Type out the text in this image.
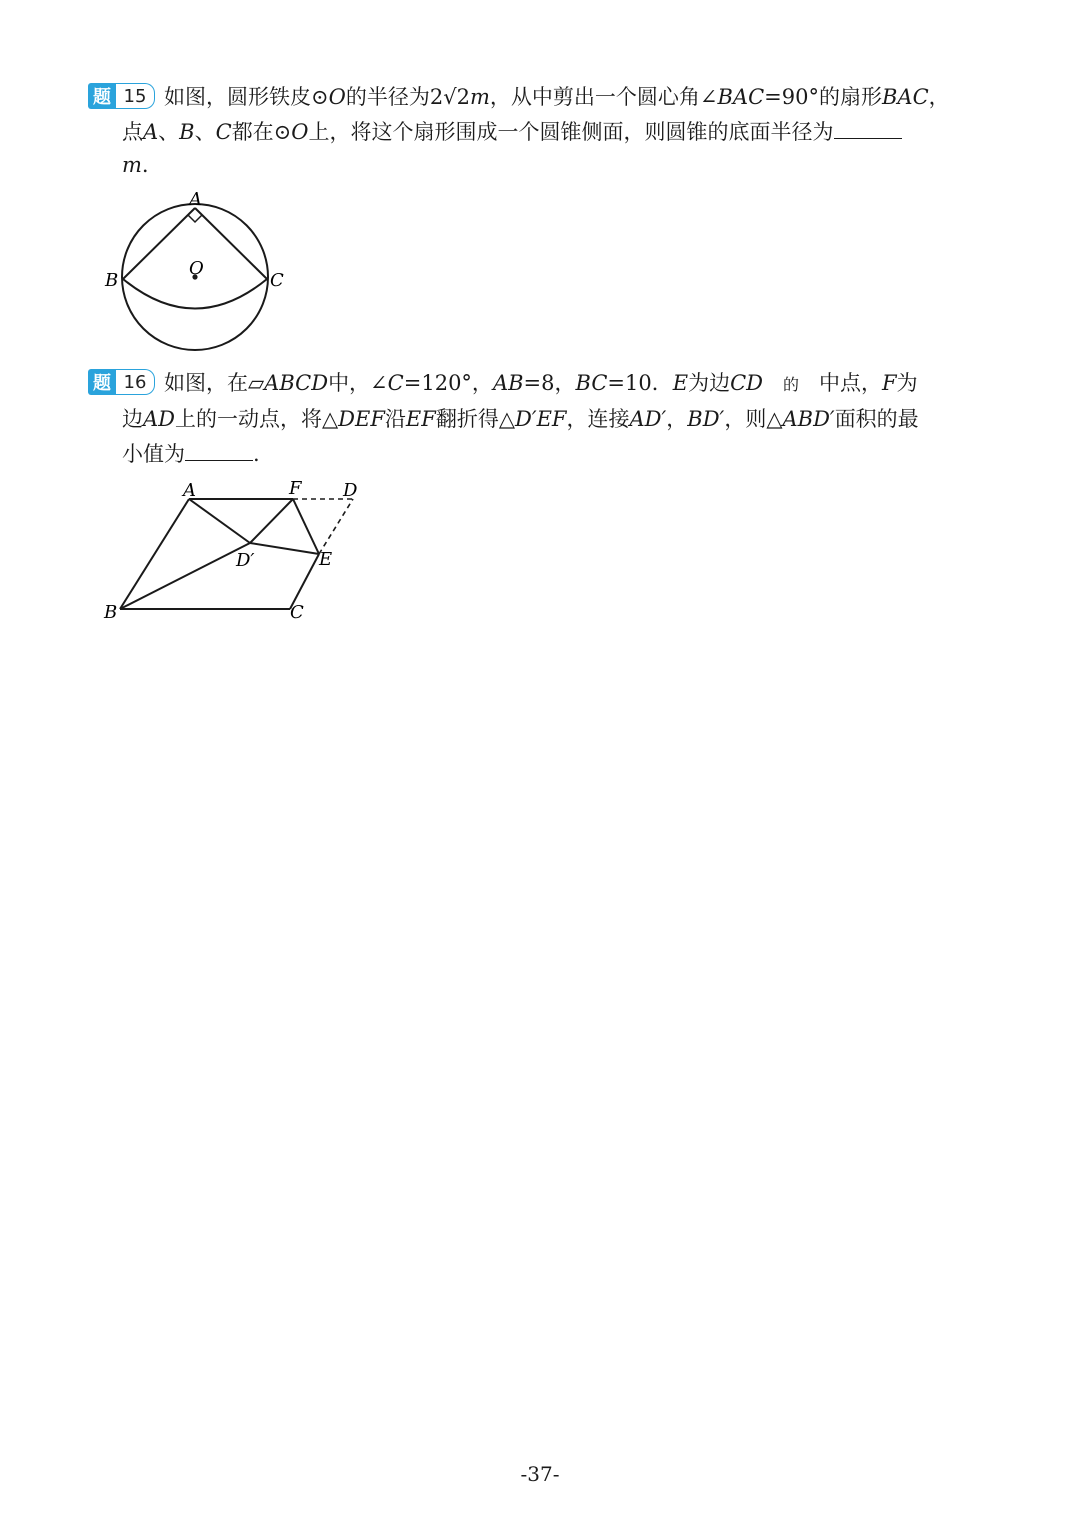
题 15 如图，圆形铁皮⊙O的半径为2√2m，从中剪出一个圆心角∠BAC=90°的扇形BAC，
点A、B、C都在⊙O上，将这个扇形围成一个圆锥侧面，则圆锥的底面半径为
m.
A
B	C
O
题 16 如图，在▱ABCD中，∠C=120°，AB=8，BC=10．E为边CD 的 中点，F为
边AD上的一动点，将△DEF沿EF翻折得△D′EF，连接AD′，BD′，则△ABD′面积的最
小值为	.
A	F D
E
D′
B	C
-37-
